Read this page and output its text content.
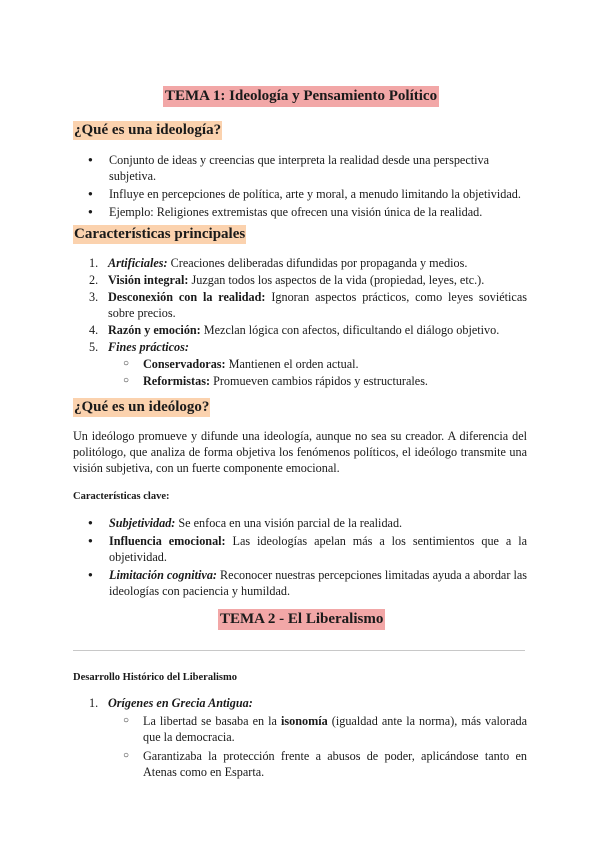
TEMA 1: Ideología y Pensamiento Político
¿Qué es una ideología?
● Conjunto de ideas y creencias que interpreta la realidad desde una perspectiva subjetiva.
● Influye en percepciones de política, arte y moral, a menudo limitando la objetividad.
● Ejemplo: Religiones extremistas que ofrecen una visión única de la realidad.
Características principales
1. Artificiales: Creaciones deliberadas difundidas por propaganda y medios.
2. Visión integral: Juzgan todos los aspectos de la vida (propiedad, leyes, etc.).
3. Desconexión con la realidad: Ignoran aspectos prácticos, como leyes soviéticas sobre precios.
4. Razón y emoción: Mezclan lógica con afectos, dificultando el diálogo objetivo.
5. Fines prácticos:
○ Conservadoras: Mantienen el orden actual.
○ Reformistas: Promueven cambios rápidos y estructurales.
¿Qué es un ideólogo?
Un ideólogo promueve y difunde una ideología, aunque no sea su creador. A diferencia del politólogo, que analiza de forma objetiva los fenómenos políticos, el ideólogo transmite una visión subjetiva, con un fuerte componente emocional.
Características clave:
● Subjetividad: Se enfoca en una visión parcial de la realidad.
● Influencia emocional: Las ideologías apelan más a los sentimientos que a la objetividad.
● Limitación cognitiva: Reconocer nuestras percepciones limitadas ayuda a abordar las ideologías con paciencia y humildad.
TEMA 2 - El Liberalismo
Desarrollo Histórico del Liberalismo
1. Orígenes en Grecia Antigua:
○ La libertad se basaba en la isonomía (igualdad ante la norma), más valorada que la democracia.
○ Garantizaba la protección frente a abusos de poder, aplicándose tanto en Atenas como en Esparta.
